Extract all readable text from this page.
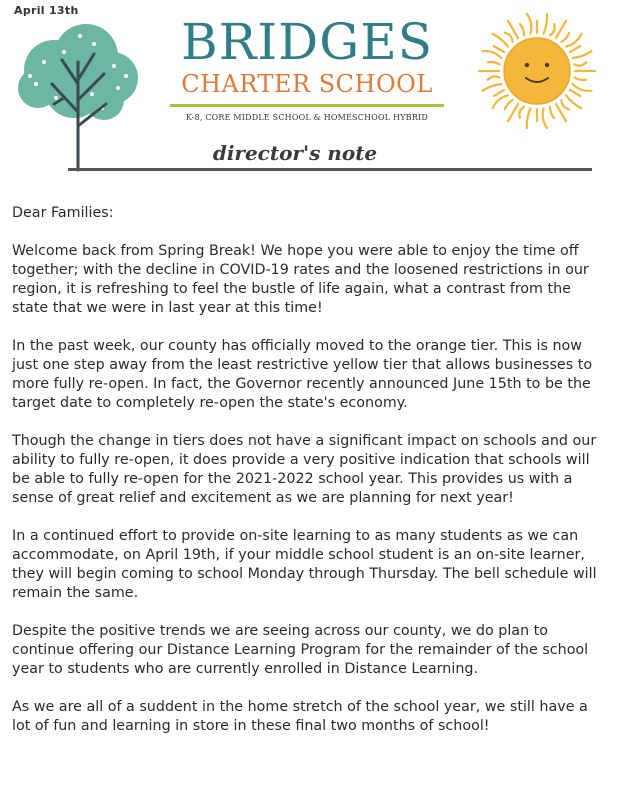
April 13th
BRIDGES
CHARTER SCHOOL
K-8, CORE MIDDLE SCHOOL & HOMESCHOOL HYBRID
director's note

Dear Families:

Welcome back from Spring Break! We hope you were able to enjoy the time off together; with the decline in COVID-19 rates and the loosened restrictions in our region, it is refreshing to feel the bustle of life again, what a contrast from the state that we were in last year at this time!

In the past week, our county has officially moved to the orange tier. This is now just one step away from the least restrictive yellow tier that allows businesses to more fully re-open. In fact, the Governor recently announced June 15th to be the target date to completely re-open the state's economy.

Though the change in tiers does not have a significant impact on schools and our ability to fully re-open, it does provide a very positive indication that schools will be able to fully re-open for the 2021-2022 school year. This provides us with a sense of great relief and excitement as we are planning for next year!

In a continued effort to provide on-site learning to as many students as we can accommodate, on April 19th, if your middle school student is an on-site learner, they will begin coming to school Monday through Thursday. The bell schedule will remain the same.

Despite the positive trends we are seeing across our county, we do plan to continue offering our Distance Learning Program for the remainder of the school year to students who are currently enrolled in Distance Learning.

As we are all of a suddent in the home stretch of the school year, we still have a lot of fun and learning in store in these final two months of school!
